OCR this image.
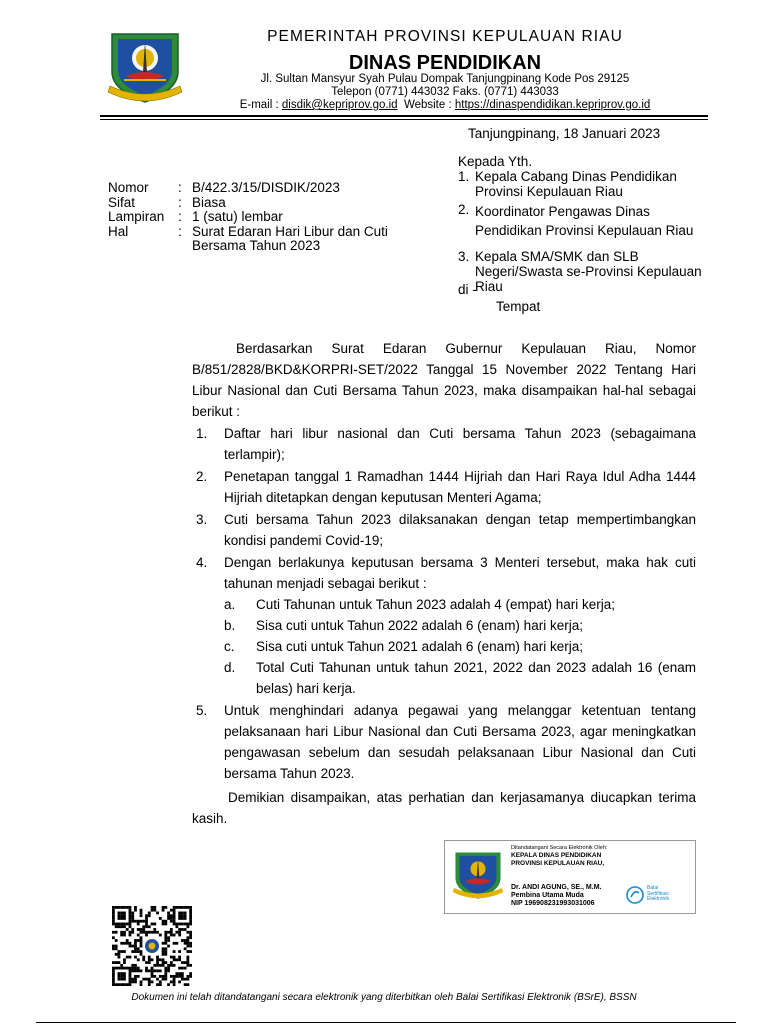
PEMERINTAH PROVINSI KEPULAUAN RIAU
DINAS PENDIDIKAN
Jl. Sultan Mansyur Syah Pulau Dompak Tanjungpinang Kode Pos 29125
Telepon (0771) 443032 Faks. (0771) 443033
E-mail : disdik@kepriprov.go.id Website : https://dinaspendidikan.kepriprov.go.id
Tanjungpinang, 18 Januari 2023
Kepada Yth.
1. Kepala Cabang Dinas Pendidikan Provinsi Kepulauan Riau
2. Koordinator Pengawas Dinas Pendidikan Provinsi Kepulauan Riau
3. Kepala SMA/SMK dan SLB Negeri/Swasta se-Provinsi Kepulauan Riau
di -
Tempat
Nomor : B/422.3/15/DISDIK/2023
Sifat	: Biasa
Lampiran : 1 (satu) lembar
Hal	: Surat Edaran Hari Libur dan Cuti Bersama Tahun 2023
Berdasarkan Surat Edaran Gubernur Kepulauan Riau, Nomor B/851/2828/BKD&KORPRI-SET/2022 Tanggal 15 November 2022 Tentang Hari Libur Nasional dan Cuti Bersama Tahun 2023, maka disampaikan hal-hal sebagai berikut :
1. Daftar hari libur nasional dan Cuti bersama Tahun 2023 (sebagaimana terlampir);
2. Penetapan tanggal 1 Ramadhan 1444 Hijriah dan Hari Raya Idul Adha 1444 Hijriah ditetapkan dengan keputusan Menteri Agama;
3. Cuti bersama Tahun 2023 dilaksanakan dengan tetap mempertimbangkan kondisi pandemi Covid-19;
4. Dengan berlakunya keputusan bersama 3 Menteri tersebut, maka hak cuti tahunan menjadi sebagai berikut :
a. Cuti Tahunan untuk Tahun 2023 adalah 4 (empat) hari kerja;
b. Sisa cuti untuk Tahun 2022 adalah 6 (enam) hari kerja;
c. Sisa cuti untuk Tahun 2021 adalah 6 (enam) hari kerja;
d. Total Cuti Tahunan untuk tahun 2021, 2022 dan 2023 adalah 16 (enam belas) hari kerja.
5. Untuk menghindari adanya pegawai yang melanggar ketentuan tentang pelaksanaan hari Libur Nasional dan Cuti Bersama 2023, agar meningkatkan pengawasan sebelum dan sesudah pelaksanaan Libur Nasional dan Cuti bersama Tahun 2023.
Demikian disampaikan, atas perhatian dan kerjasamanya diucapkan terima kasih.
Ditandatangani Secara Elektronik Oleh:
KEPALA DINAS PENDIDIKAN
PROVINSI KEPULAUAN RIAU,
Dr. ANDI AGUNG, SE., M.M.
Pembina Utama Muda
NIP 196908231993031006
Balai
Sertifikasi
Elektronik
Dokumen ini telah ditandatangani secara elektronik yang diterbitkan oleh Balai Sertifikasi Elektronik (BSrE), BSSN
